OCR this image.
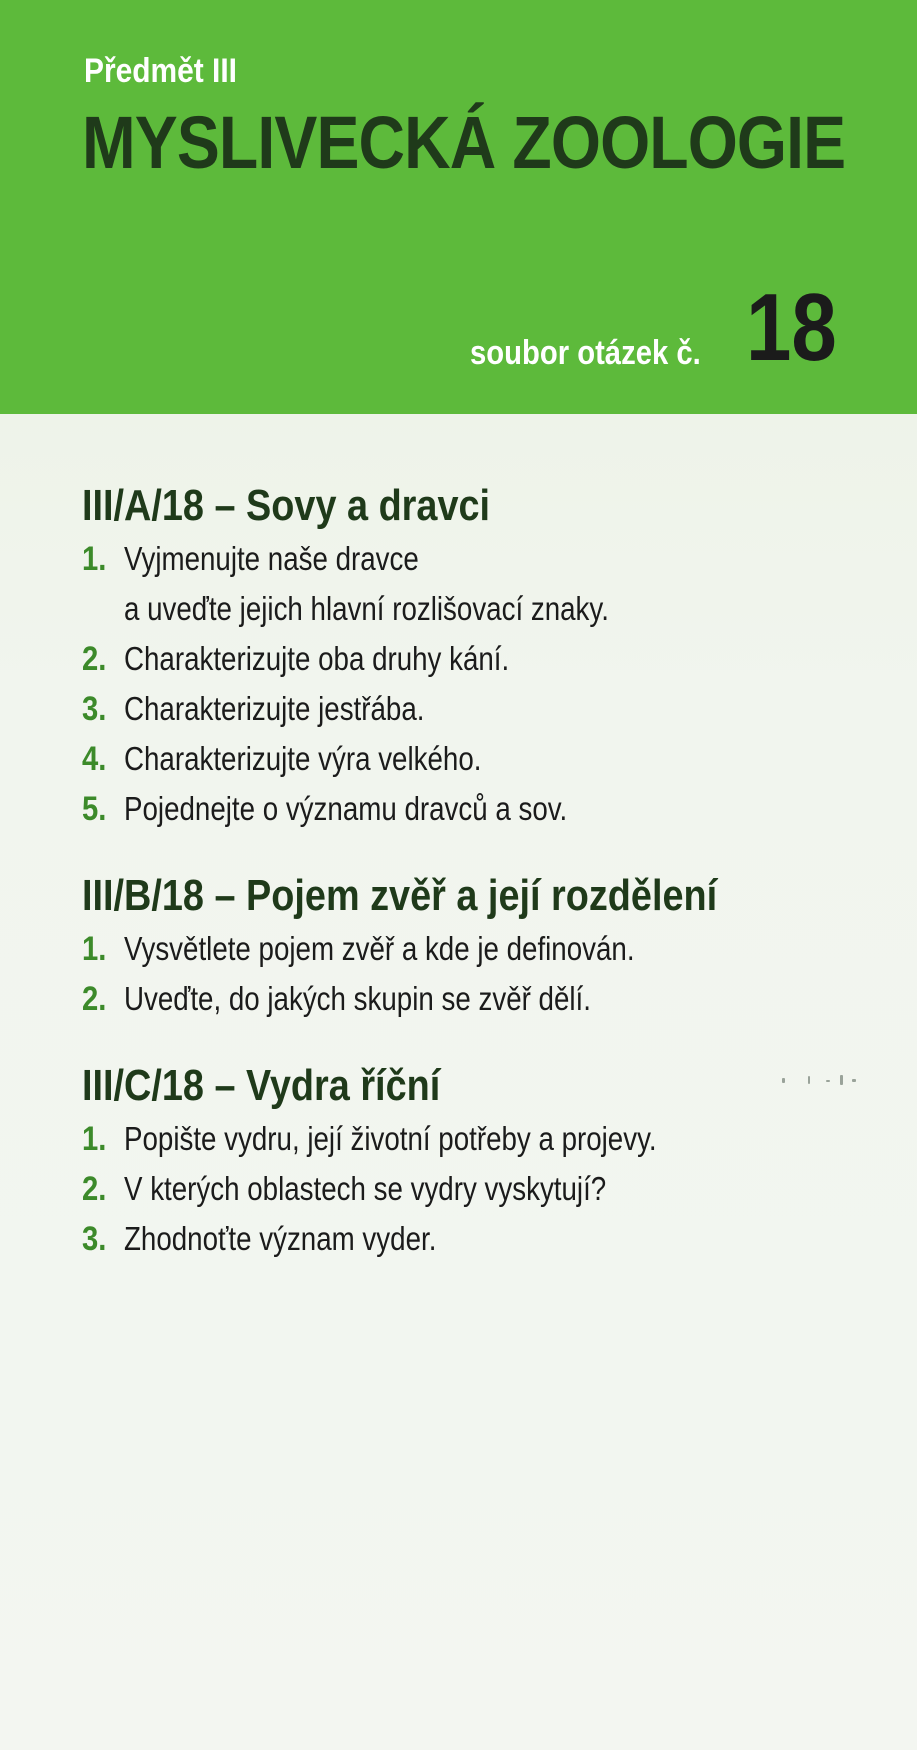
Předmět III
MYSLIVECKÁ ZOOLOGIE
soubor otázek č. 18
III/A/18 – Sovy a dravci
1. Vyjmenujte naše dravce
a uveďte jejich hlavní rozlišovací znaky.
2. Charakterizujte oba druhy kání.
3. Charakterizujte jestřába.
4. Charakterizujte výra velkého.
5. Pojednejte o významu dravců a sov.
III/B/18 – Pojem zvěř a její rozdělení
1. Vysvětlete pojem zvěř a kde je definován.
2. Uveďte, do jakých skupin se zvěř dělí.
III/C/18 – Vydra říční
1. Popište vydru, její životní potřeby a projevy.
2. V kterých oblastech se vydry vyskytují?
3. Zhodnoťte význam vyder.
